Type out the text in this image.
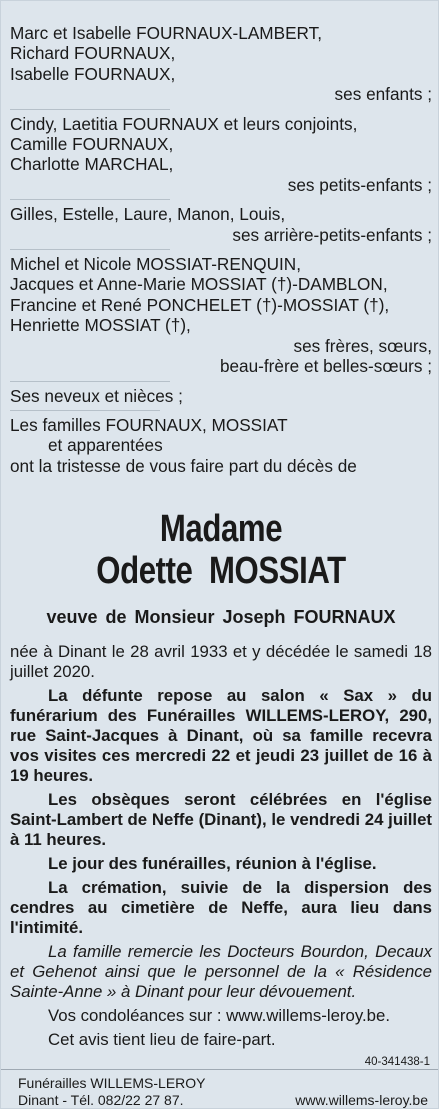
Marc et Isabelle FOURNAUX-LAMBERT,
Richard FOURNAUX,
Isabelle FOURNAUX,
ses enfants ;
Cindy, Laetitia FOURNAUX et leurs conjoints,
Camille FOURNAUX,
Charlotte MARCHAL,
ses petits-enfants ;
Gilles, Estelle, Laure, Manon, Louis,
ses arrière-petits-enfants ;
Michel et Nicole MOSSIAT-RENQUIN,
Jacques et Anne-Marie MOSSIAT (†)-DAMBLON,
Francine et René PONCHELET (†)-MOSSIAT (†),
Henriette MOSSIAT (†),
ses frères, sœurs,
beau-frère et belles-sœurs ;
Ses neveux et nièces ;
Les familles FOURNAUX, MOSSIAT
et apparentées
ont la tristesse de vous faire part du décès de
Madame
Odette  MOSSIAT
veuve de Monsieur Joseph FOURNAUX
née à Dinant le 28 avril 1933 et y décédée le samedi 18 juillet 2020.
La défunte repose au salon « Sax » du funérarium des Funérailles WILLEMS-LEROY, 290, rue Saint-Jacques à Dinant, où sa famille recevra vos visites ces mercredi 22 et jeudi 23 juillet de 16 à 19 heures.
Les obsèques seront célébrées en l'église Saint-Lambert de Neffe (Dinant), le vendredi 24 juillet à 11 heures.
Le jour des funérailles, réunion à l'église.
La crémation, suivie de la dispersion des cendres au cimetière de Neffe, aura lieu dans l'intimité.
La famille remercie les Docteurs Bourdon, Decaux et Gehenot ainsi que le personnel de la « Résidence Sainte-Anne » à Dinant pour leur dévouement.
Vos condoléances sur : www.willems-leroy.be.
Cet avis tient lieu de faire-part.
40-341438-1
Funérailles WILLEMS-LEROY
Dinant - Tél. 082/22 27 87.	www.willems-leroy.be
